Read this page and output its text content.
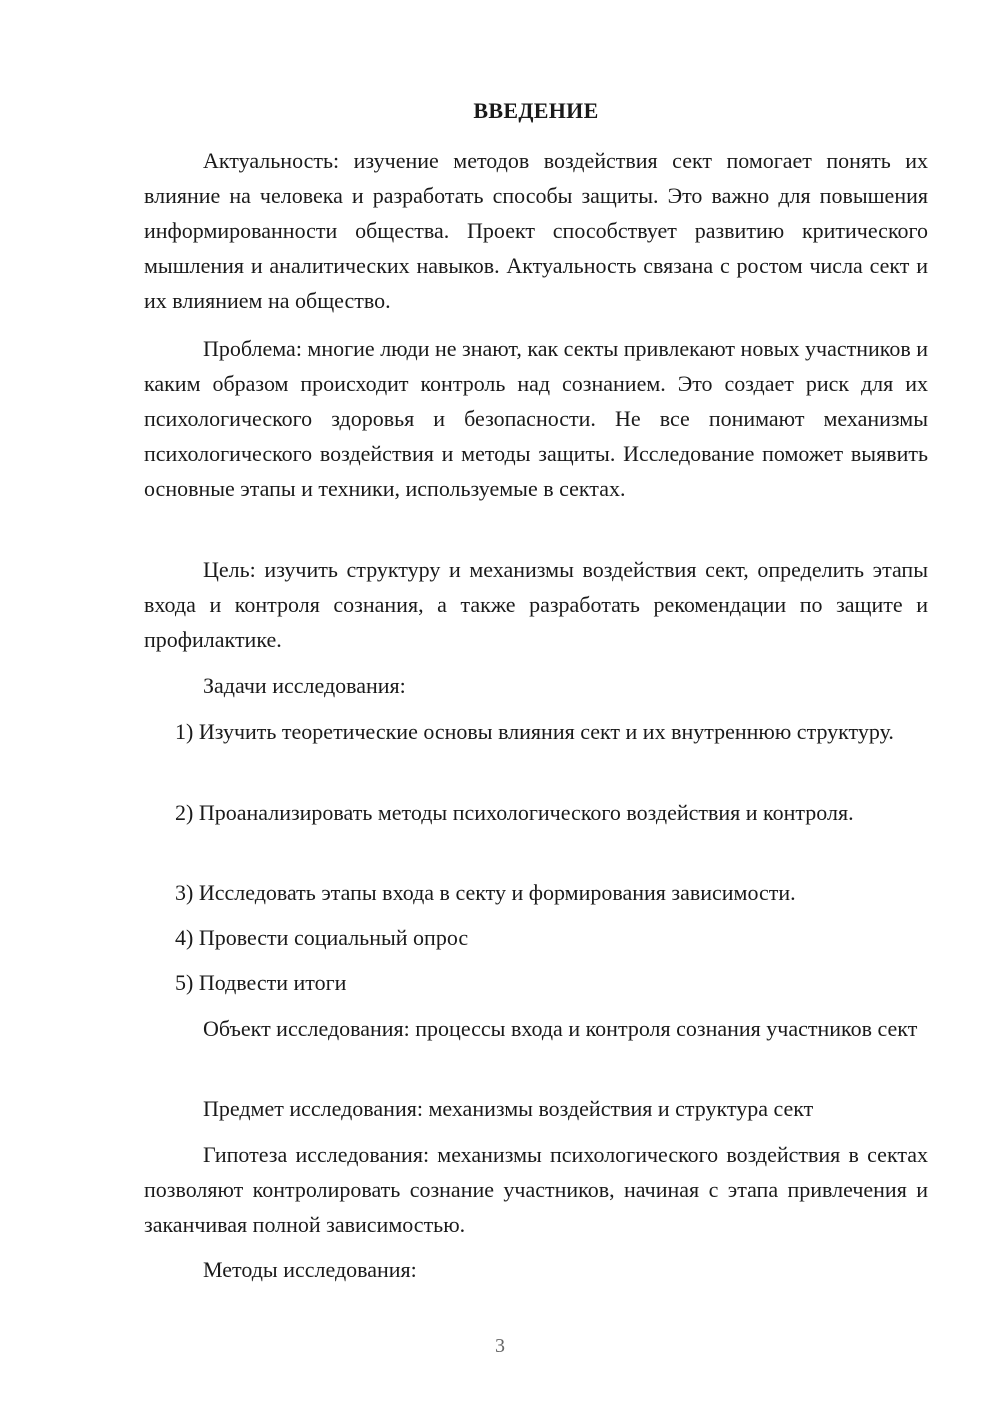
ВВЕДЕНИЕ

Актуальность: изучение методов воздействия сект помогает понять их влияние на человека и разработать способы защиты. Это важно для повышения информированности общества. Проект способствует развитию критического мышления и аналитических навыков. Актуальность связана с ростом числа сект и их влиянием на общество.

Проблема: многие люди не знают, как секты привлекают новых участников и каким образом происходит контроль над сознанием. Это создает риск для их психологического здоровья и безопасности. Не все понимают механизмы психологического воздействия и методы защиты. Исследование поможет выявить основные этапы и техники, используемые в сектах.

Цель: изучить структуру и механизмы воздействия сект, определить этапы входа и контроля сознания, а также разработать рекомендации по защите и профилактике.

Задачи исследования:

1) Изучить теоретические основы влияния сект и их внутреннюю структуру.

2) Проанализировать методы психологического воздействия и контроля.

3) Исследовать этапы входа в секту и формирования зависимости.

4) Провести социальный опрос

5) Подвести итоги

Объект исследования: процессы входа и контроля сознания участников сект

Предмет исследования: механизмы воздействия и структура сект

Гипотеза исследования: механизмы психологического воздействия в сектах позволяют контролировать сознание участников, начиная с этапа привлечения и заканчивая полной зависимостью.

Методы исследования:

3
